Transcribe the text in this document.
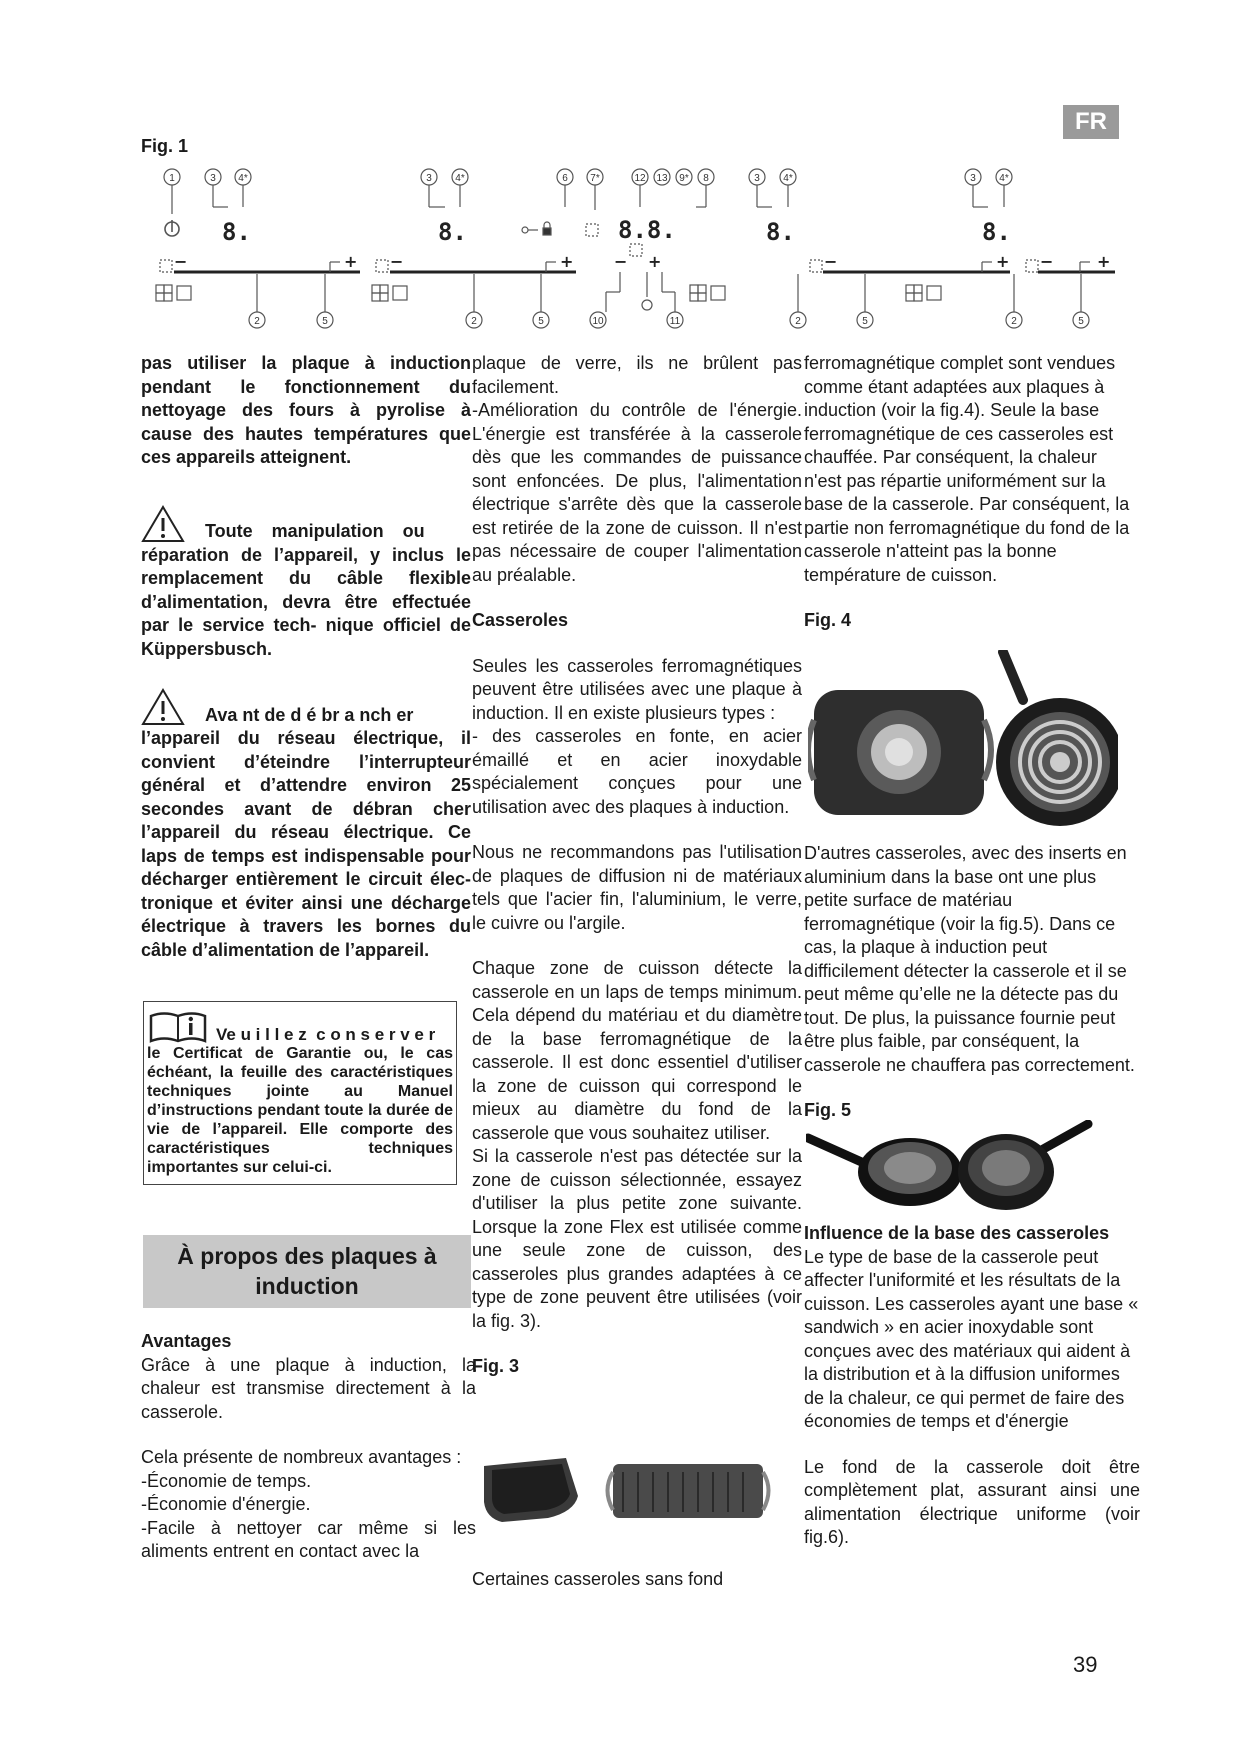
FR
Fig. 1
1	3 4*	3 4*	6 7*	12 13 9* 8	3 4*	3 4*
2	5	2	5	10	11	2	5	2	5
8.	8.	8.8.	8.	8.
−	+ −	+	− +	−	+ −	+

pas utiliser la plaque à induction pendant le fonctionnement du nettoyage des fours à pyrolise à cause des hautes températures que ces appareils atteignent.

Toute manipulation ou

réparation de l’appareil, y inclus le remplacement du câble flexible d’alimentation, devra être effectuée par le service tech- nique officiel de Küppersbusch.

Ava nt de d é br a nch er

l’appareil du réseau électrique, il convient d’éteindre l’interrupteur général et d’attendre environ 25 secondes avant de débran cher l’appareil du réseau électrique. Ce laps de temps est indispensable pour décharger entièrement le circuit élec- tronique et éviter ainsi une décharge électrique à travers les bornes du câble d’alimentation de l’appareil.

Ve u i l l e z  c o n s e r v e r

le Certificat de Garantie ou, le cas échéant, la feuille des caractéristiques techniques jointe au Manuel d’instructions pendant toute la durée de vie de l’appareil. Elle comporte des caractéristiques techniques importantes sur celui-ci.

À propos des plaques à
induction

Avantages

Grâce à une plaque à induction, la chaleur est transmise directement à la casserole.

Cela présente de nombreux avantages :

-Économie de temps.

-Économie d'énergie.

-Facile à nettoyer car même si les aliments entrent en contact avec la

plaque de verre, ils ne brûlent pas facilement.

-Amélioration du contrôle de l'énergie. L'énergie est transférée à la casserole dès que les commandes de puissance sont enfoncées. De plus, l'alimentation électrique s'arrête dès que la casserole est retirée de la zone de cuisson. Il n'est pas nécessaire de couper l'alimentation au préalable.

Casseroles

Seules les casseroles ferromagnétiques peuvent être utilisées avec une plaque à induction. Il en existe plusieurs types :

- des casseroles en fonte, en acier émaillé et en acier inoxydable spécialement conçues pour une utilisation avec des plaques à induction.

Nous ne recommandons pas l'utilisation de plaques de diffusion ni de matériaux tels que l'acier fin, l'aluminium, le verre, le cuivre ou l'argile.

Chaque zone de cuisson détecte la casserole en un laps de temps minimum. Cela dépend du matériau et du diamètre de la base ferromagnétique de la casserole. Il est donc essentiel d'utiliser la zone de cuisson qui correspond le mieux au diamètre du fond de la casserole que vous souhaitez utiliser.

Si la casserole n'est pas détectée sur la zone de cuisson sélectionnée, essayez d'utiliser la plus petite zone suivante. Lorsque la zone Flex est utilisée comme une seule zone de cuisson, des casseroles plus grandes adaptées à ce type de zone peuvent être utilisées (voir la fig. 3).

Fig. 3

Certaines casseroles sans fond

ferromagnétique complet sont vendues comme étant adaptées aux plaques à induction (voir la fig.4). Seule la base ferromagnétique de ces casseroles est chauffée. Par conséquent, la chaleur n'est pas répartie uniformément sur la base de la casserole. Par conséquent, la partie non ferromagnétique du fond de la casserole n'atteint pas la bonne température de cuisson.

Fig. 4

D'autres casseroles, avec des inserts en aluminium dans la base ont une plus petite surface de matériau ferromagnétique (voir la fig.5). Dans ce cas, la plaque à induction peut difficilement détecter la casserole et il se peut même qu’elle ne la détecte pas du tout. De plus, la puissance fournie peut être plus faible, par conséquent, la casserole ne chauffera pas correctement.

Fig. 5

Influence de la base des casseroles

Le type de base de la casserole peut affecter l'uniformité et les résultats de la cuisson. Les casseroles ayant une base « sandwich » en acier inoxydable sont conçues avec des matériaux qui aident à la distribution et à la diffusion uniformes de la chaleur, ce qui permet de faire des économies de temps et d'énergie

Le fond de la casserole doit être complètement plat, assurant ainsi une alimentation électrique uniforme (voir fig.6).

39
